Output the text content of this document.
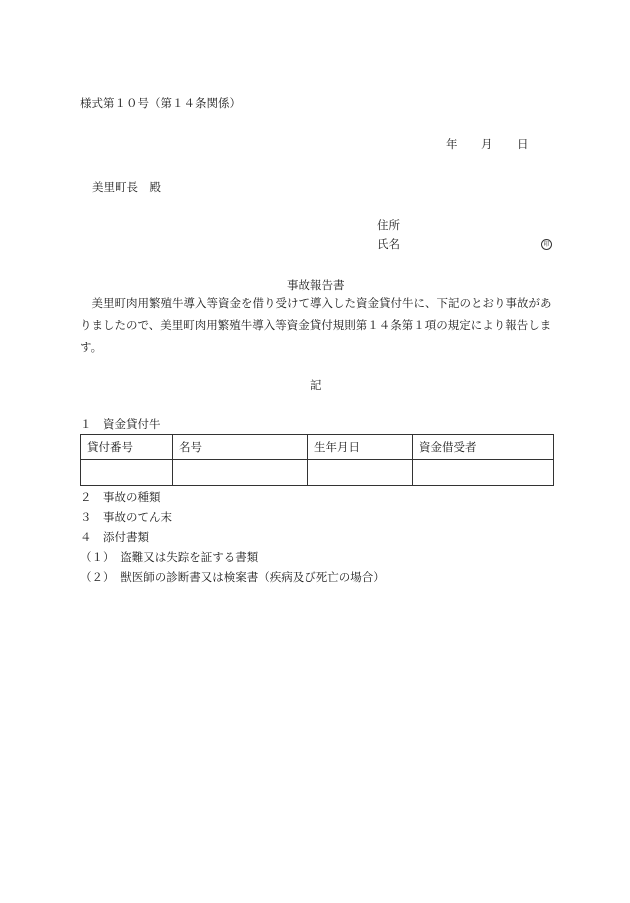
様式第１０号（第１４条関係）
年 月 日
美里町長　殿
住所
氏名	印
事故報告書
　美里町肉用繁殖牛導入等資金を借り受けて導入した資金貸付牛に、下記のとおり事故がありましたので、美里町肉用繁殖牛導入等資金貸付規則第１４条第１項の規定により報告します。
記
１　資金貸付牛
貸付番号	名号	生年月日	資金借受者

２　事故の種類
３　事故のてん末
４　添付書類
（１）　盗難又は失踪を証する書類
（２）　獣医師の診断書又は検案書（疾病及び死亡の場合）
